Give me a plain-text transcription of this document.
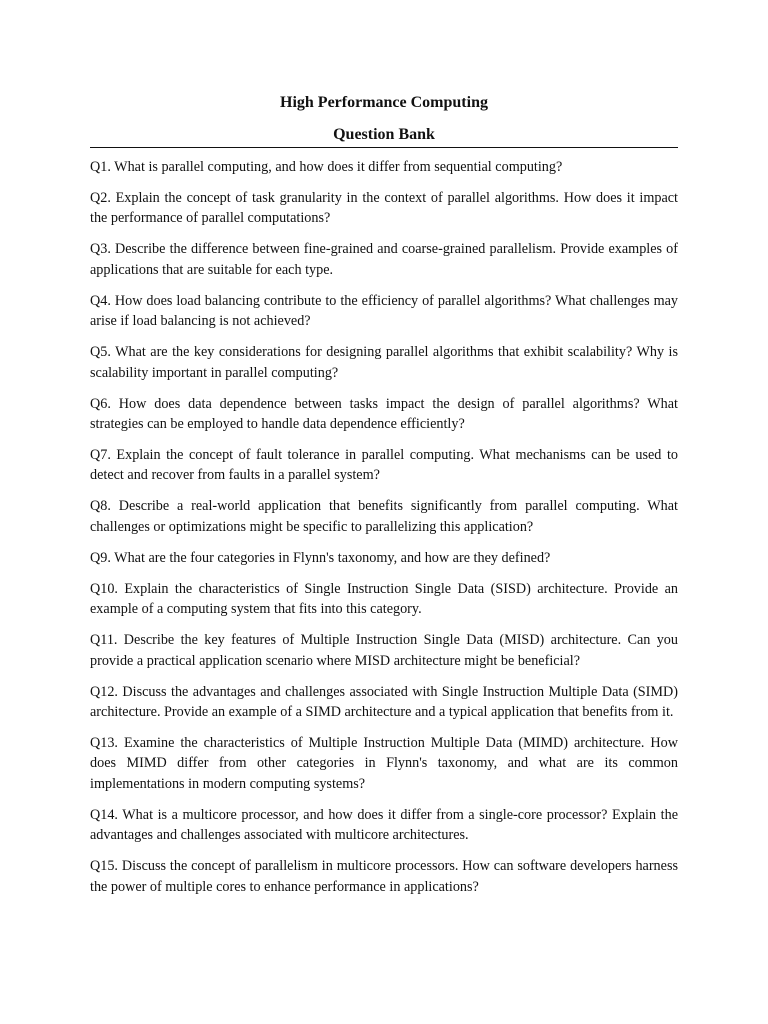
High Performance Computing
Question Bank
Q1. What is parallel computing, and how does it differ from sequential computing?
Q2. Explain the concept of task granularity in the context of parallel algorithms. How does it impact the performance of parallel computations?
Q3. Describe the difference between fine-grained and coarse-grained parallelism. Provide examples of applications that are suitable for each type.
Q4. How does load balancing contribute to the efficiency of parallel algorithms? What challenges may arise if load balancing is not achieved?
Q5. What are the key considerations for designing parallel algorithms that exhibit scalability? Why is scalability important in parallel computing?
Q6. How does data dependence between tasks impact the design of parallel algorithms? What strategies can be employed to handle data dependence efficiently?
Q7. Explain the concept of fault tolerance in parallel computing. What mechanisms can be used to detect and recover from faults in a parallel system?
Q8. Describe a real-world application that benefits significantly from parallel computing. What challenges or optimizations might be specific to parallelizing this application?
Q9. What are the four categories in Flynn's taxonomy, and how are they defined?
Q10. Explain the characteristics of Single Instruction Single Data (SISD) architecture. Provide an example of a computing system that fits into this category.
Q11. Describe the key features of Multiple Instruction Single Data (MISD) architecture. Can you provide a practical application scenario where MISD architecture might be beneficial?
Q12. Discuss the advantages and challenges associated with Single Instruction Multiple Data (SIMD) architecture. Provide an example of a SIMD architecture and a typical application that benefits from it.
Q13. Examine the characteristics of Multiple Instruction Multiple Data (MIMD) architecture. How does MIMD differ from other categories in Flynn's taxonomy, and what are its common implementations in modern computing systems?
Q14. What is a multicore processor, and how does it differ from a single-core processor? Explain the advantages and challenges associated with multicore architectures.
Q15. Discuss the concept of parallelism in multicore processors. How can software developers harness the power of multiple cores to enhance performance in applications?
